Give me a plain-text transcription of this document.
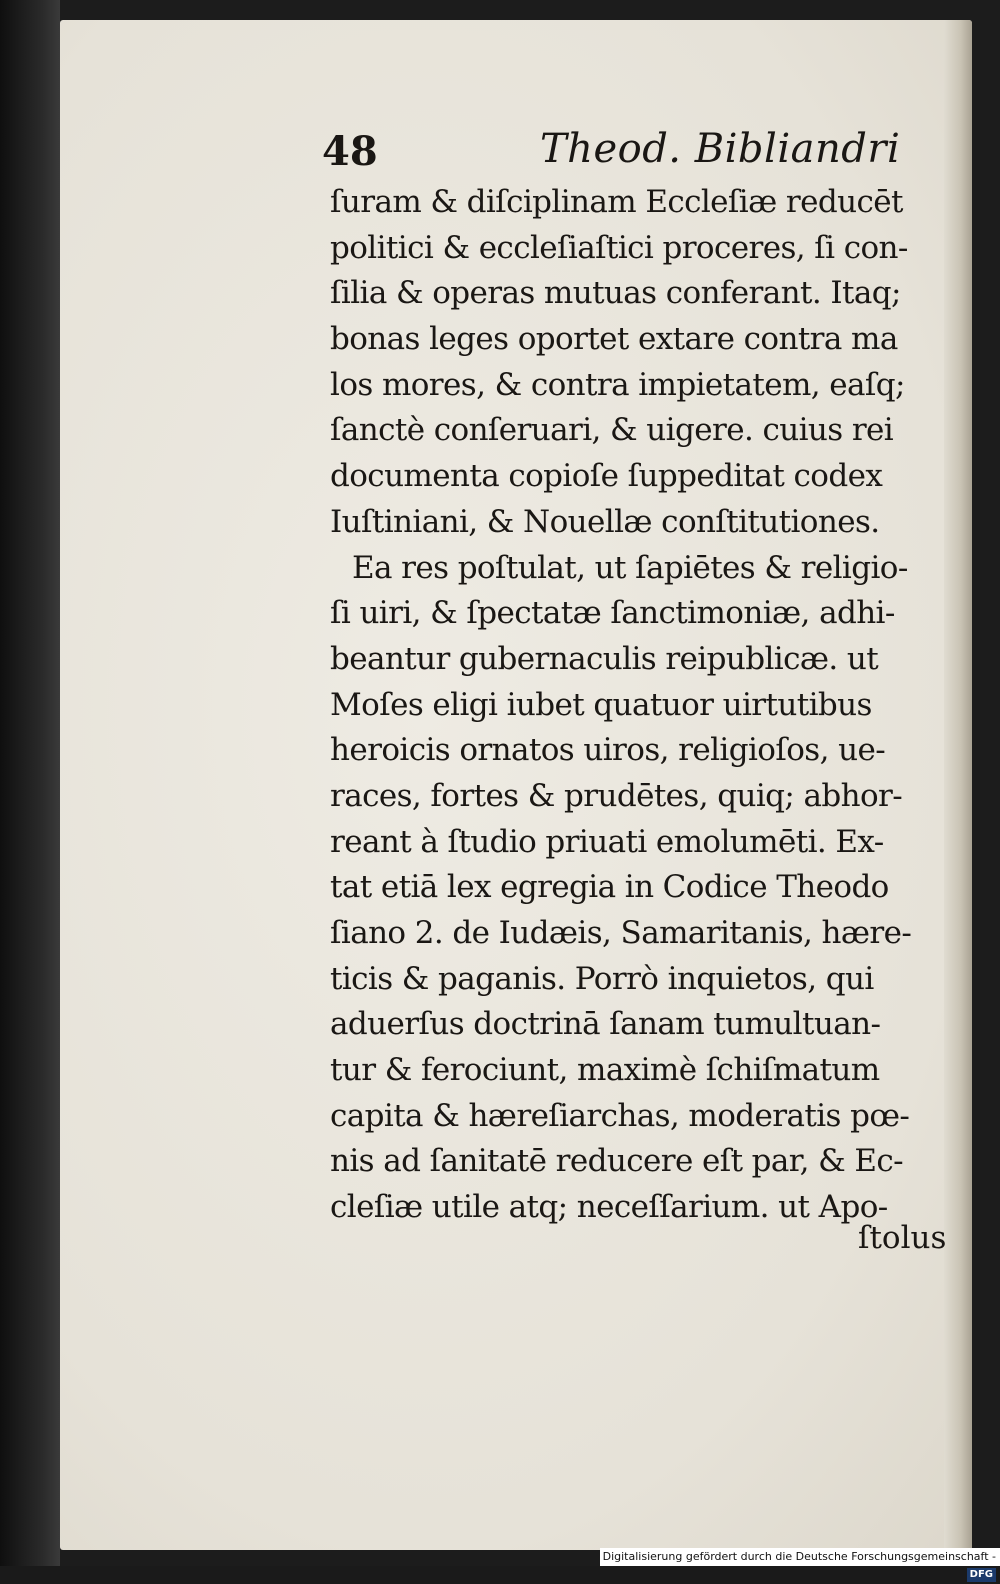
48	Theod. Bibliandri
ſuram & diſciplinam Eccleſiæ reducēt
politici & eccleſiaſtici proceres, ſi con-
ſilia & operas mutuas conferant. Itaq;
bonas leges oportet extare contra ma
los mores, & contra impietatem, eaſq;
ſanctè conſeruari, & uigere. cuius rei
documenta copioſe ſuppeditat codex
Iuſtiniani, & Nouellæ conſtitutiones.
Ea res poſtulat, ut ſapiētes & religio-
ſi uiri, & ſpectatæ ſanctimoniæ, adhi-
beantur gubernaculis reipublicæ. ut
Moſes eligi iubet quatuor uirtutibus
heroicis ornatos uiros, religioſos, ue-
races, fortes & prudētes, quiq; abhor-
reant à ſtudio priuati emolumēti. Ex-
tat etiā lex egregia in Codice Theodo
ſiano 2. de Iudæis, Samaritanis, hære-
ticis & paganis. Porrò inquietos, qui
aduerſus doctrinā ſanam tumultuan-
tur & ferociunt, maximè ſchiſmatum
capita & hæreſiarchas, moderatis pœ-
nis ad ſanitatē reducere eſt par, & Ec-
cleſiæ utile atq; neceſſarium. ut Apo-
ſtolus
Digitalisierung gefördert durch die Deutsche Forschungsgemeinschaft -DFG
